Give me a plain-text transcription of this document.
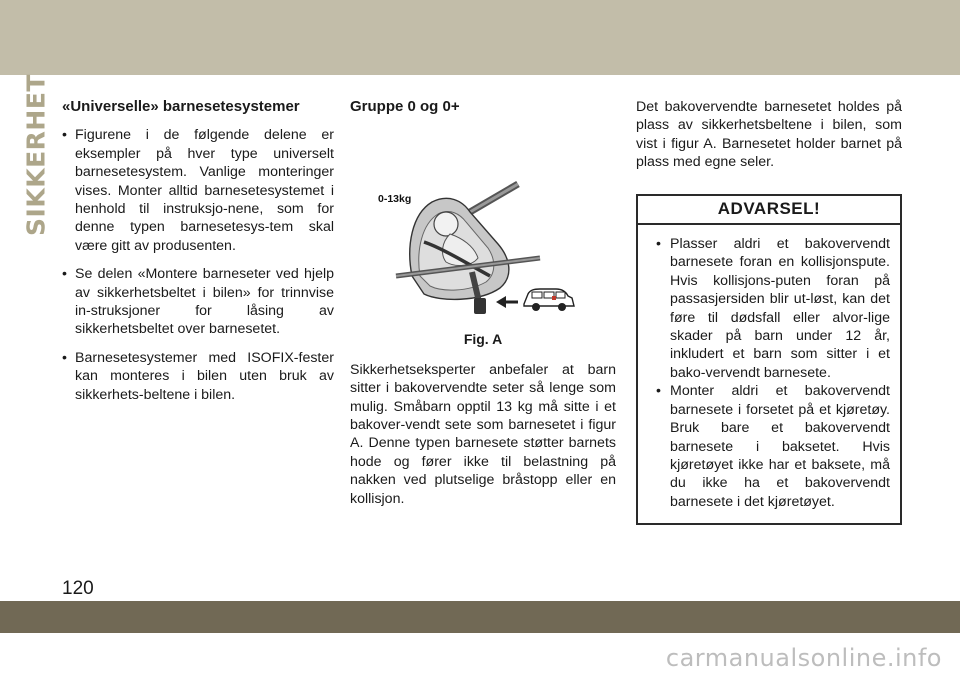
SIKKERHET «Universelle» barnesetesystemer
• Figurene i de følgende delene er eksempler på hver type universelt barnesetesystem. Vanlige monteringer vises. Monter alltid barnesetesystemet i henhold til instruksjo-nene, som for denne typen barnesetesys-tem skal være gitt av produsenten.
• Se delen «Montere barneseter ved hjelp av sikkerhetsbeltet i bilen» for trinnvise in-struksjoner for låsing av sikkerhetsbeltet over barnesetet.
• Barnesetesystemer med ISOFIX-fester kan monteres i bilen uten bruk av sikkerhets-beltene i bilen.
Gruppe 0 og 0+
0-13kg
Fig. A

Sikkerhetseksperter anbefaler at barn sitter i bakovervendte seter så lenge som mulig. Småbarn opptil 13 kg må sitte i et bakover-vendt sete som barnesetet i figur A. Denne typen barnesete støtter barnets hode og fører ikke til belastning på nakken ved plutselige bråstopp eller en kollisjon.

Det bakovervendte barnesetet holdes på plass av sikkerhetsbeltene i bilen, som vist i figur A. Barnesetet holder barnet på plass med egne seler.

ADVARSEL!
• Plasser aldri et bakovervendt barnesete foran en kollisjonspute. Hvis kollisjons-puten foran på passasjersiden blir ut-løst, kan det føre til dødsfall eller alvor-lige skader på barn under 12 år, inkludert et barn som sitter i et bako-vervendt barnesete.
• Monter aldri et bakovervendt barnesete i forsetet på et kjøretøy. Bruk bare et bakovervendt barnesete i baksetet. Hvis kjøretøyet ikke har et baksete, må du ikke ha et bakovervendt barnesete i det kjøretøyet.
120
carmanualsonline.info
